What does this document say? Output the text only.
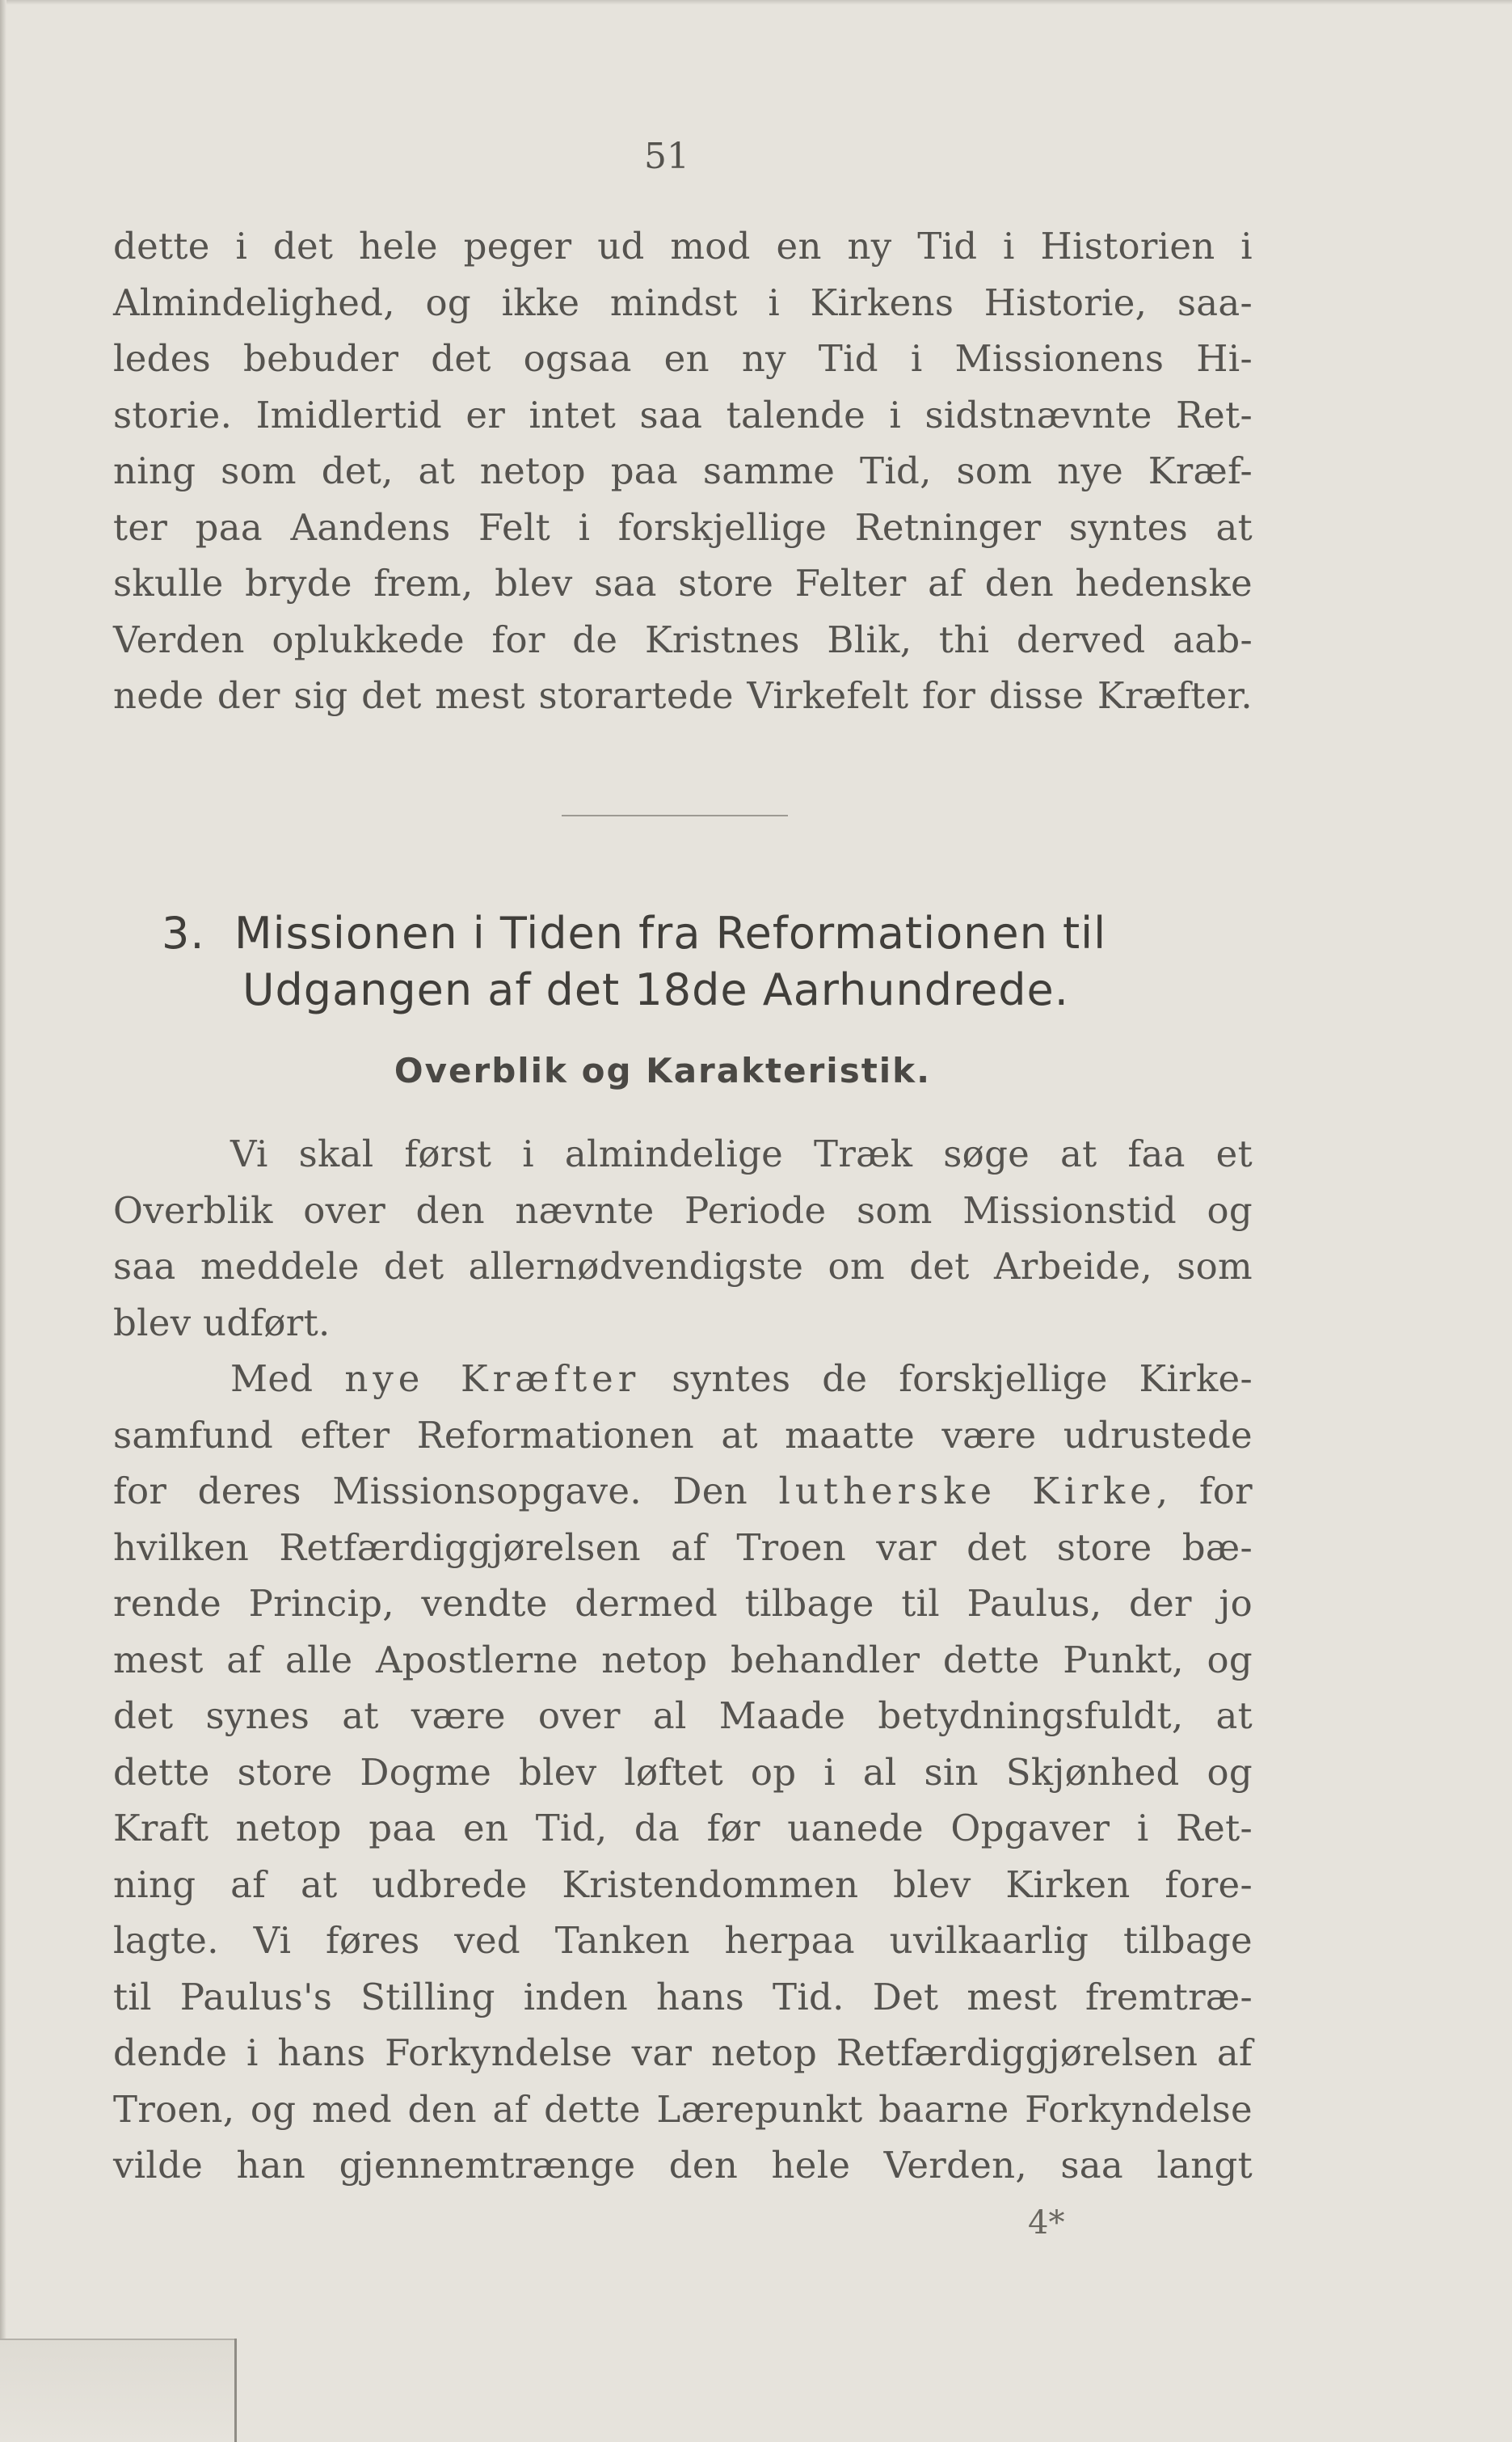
51
dette i det hele peger ud mod en ny Tid i Historien i
Almindelighed, og ikke mindst i Kirkens Historie, saa-
ledes bebuder det ogsaa en ny Tid i Missionens Hi-
storie. Imidlertid er intet saa talende i sidstnævnte Ret-
ning som det, at netop paa samme Tid, som nye Kræf-
ter paa Aandens Felt i forskjellige Retninger syntes at
skulle bryde frem, blev saa store Felter af den hedenske
Verden oplukkede for de Kristnes Blik, thi derved aab-
nede der sig det mest storartede Virkefelt for disse Kræfter.
3. Missionen i Tiden fra Reformationen til
Udgangen af det 18de Aarhundrede.
Overblik og Karakteristik.
Vi skal først i almindelige Træk søge at faa et
Overblik over den nævnte Periode som Missionstid og
saa meddele det allernødvendigste om det Arbeide, som
blev udført.
Med nye Kræfter syntes de forskjellige Kirke-
samfund efter Reformationen at maatte være udrustede
for deres Missionsopgave. Den lutherske Kirke, for
hvilken Retfærdiggjørelsen af Troen var det store bæ-
rende Princip, vendte dermed tilbage til Paulus, der jo
mest af alle Apostlerne netop behandler dette Punkt, og
det synes at være over al Maade betydningsfuldt, at
dette store Dogme blev løftet op i al sin Skjønhed og
Kraft netop paa en Tid, da før uanede Opgaver i Ret-
ning af at udbrede Kristendommen blev Kirken fore-
lagte. Vi føres ved Tanken herpaa uvilkaarlig tilbage
til Paulus's Stilling inden hans Tid. Det mest fremtræ-
dende i hans Forkyndelse var netop Retfærdiggjørelsen af
Troen, og med den af dette Lærepunkt baarne Forkyndelse
vilde han gjennemtrænge den hele Verden, saa langt
4*
